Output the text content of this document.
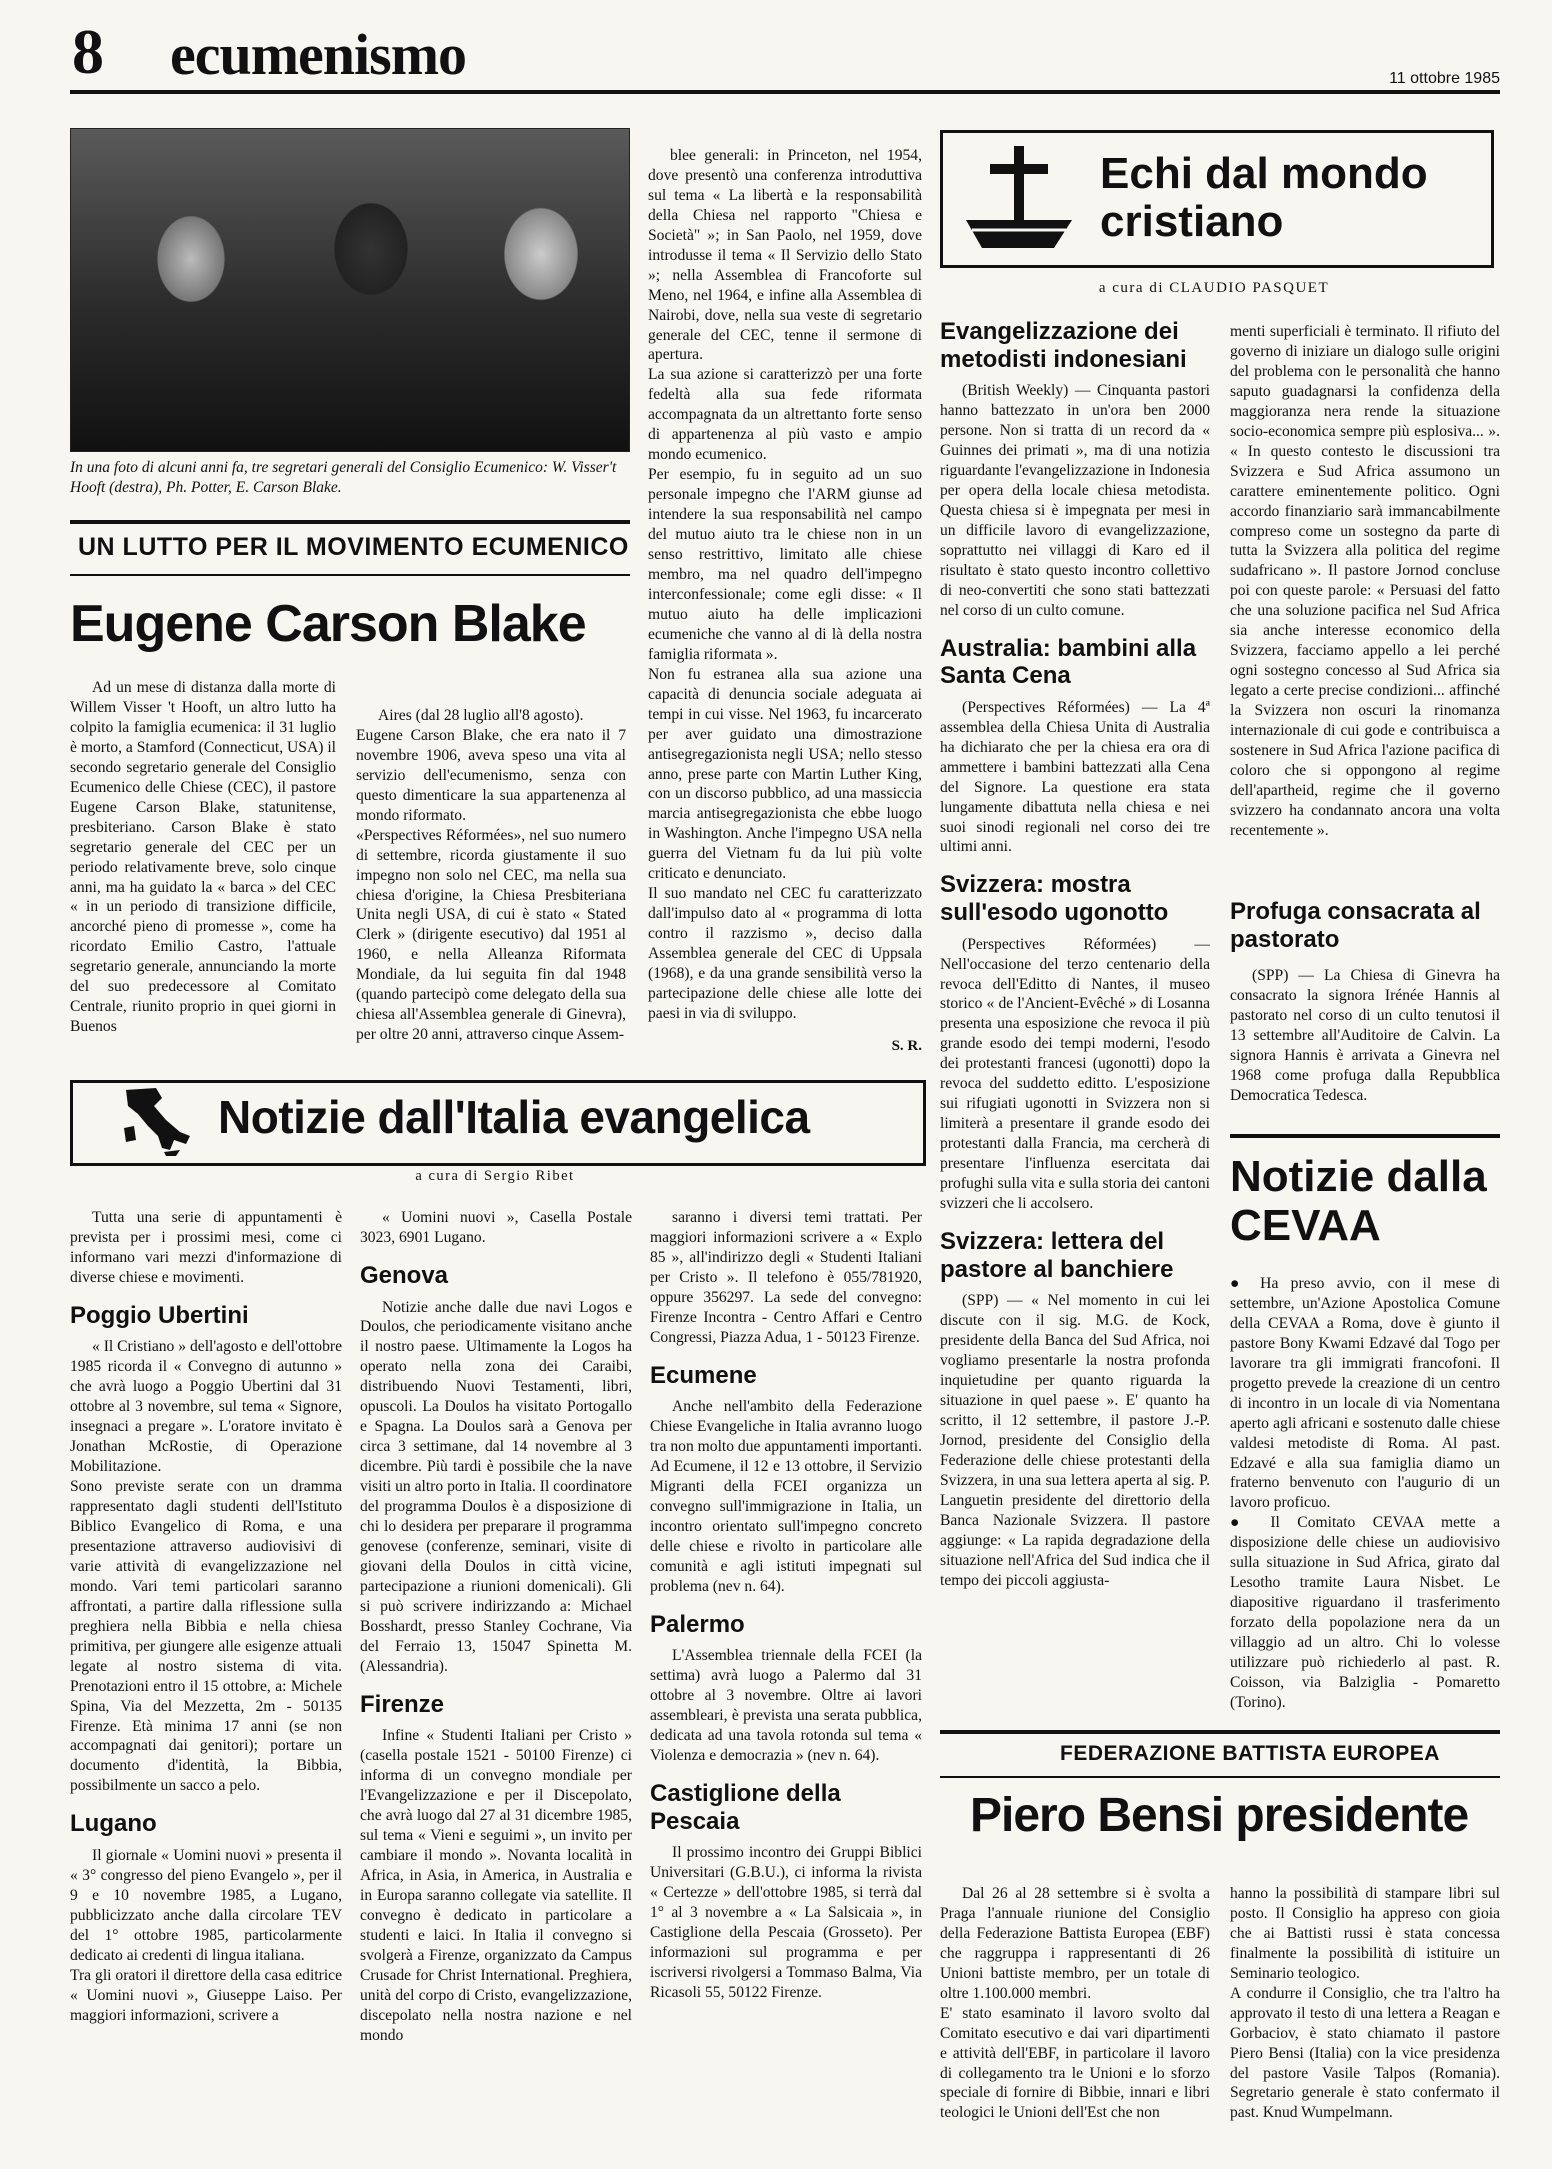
8 ecumenismo	11 ottobre 1985
In una foto di alcuni anni fa, tre segretari generali del Consiglio Ecumenico: W. Visser't Hooft (destra), Ph. Potter, E. Carson Blake.
UN LUTTO PER IL MOVIMENTO ECUMENICO
Eugene Carson Blake

Ad un mese di distanza dalla morte di Willem Visser 't Hooft, un altro lutto ha colpito la famiglia ecumenica: il 31 luglio è morto, a Stamford (Connecticut, USA) il secondo segretario generale del Consiglio Ecumenico delle Chiese (CEC), il pastore Eugene Carson Blake, statunitense, presbiteriano. Carson Blake è stato segretario generale del CEC per un periodo relativamente breve, solo cinque anni, ma ha guidato la « barca » del CEC « in un periodo di transizione difficile, ancorché pieno di promesse », come ha ricordato Emilio Castro, l'attuale segretario generale, annunciando la morte del suo predecessore al Comitato Centrale, riunito proprio in quei giorni in Buenos

Aires (dal 28 luglio all'8 agosto).
Eugene Carson Blake, che era nato il 7 novembre 1906, aveva speso una vita al servizio dell'ecumenismo, senza con questo dimenticare la sua appartenenza al mondo riformato.
«Perspectives Réformées», nel suo numero di settembre, ricorda giustamente il suo impegno non solo nel CEC, ma nella sua chiesa d'origine, la Chiesa Presbiteriana Unita negli USA, di cui è stato « Stated Clerk » (dirigente esecutivo) dal 1951 al 1960, e nella Alleanza Riformata Mondiale, da lui seguita fin dal 1948 (quando partecipò come delegato della sua chiesa all'Assemblea generale di Ginevra), per oltre 20 anni, attraverso cinque Assem-

blee generali: in Princeton, nel 1954, dove presentò una conferenza introduttiva sul tema « La libertà e la responsabilità della Chiesa nel rapporto "Chiesa e Società" »; in San Paolo, nel 1959, dove introdusse il tema « Il Servizio dello Stato »; nella Assemblea di Francoforte sul Meno, nel 1964, e infine alla Assemblea di Nairobi, dove, nella sua veste di segretario generale del CEC, tenne il sermone di apertura.
La sua azione si caratterizzò per una forte fedeltà alla sua fede riformata accompagnata da un altrettanto forte senso di appartenenza al più vasto e ampio mondo ecumenico.
Per esempio, fu in seguito ad un suo personale impegno che l'ARM giunse ad intendere la sua responsabilità nel campo del mutuo aiuto tra le chiese non in un senso restrittivo, limitato alle chiese membro, ma nel quadro dell'impegno interconfessionale; come egli disse: « Il mutuo aiuto ha delle implicazioni ecumeniche che vanno al di là della nostra famiglia riformata ».
Non fu estranea alla sua azione una capacità di denuncia sociale adeguata ai tempi in cui visse. Nel 1963, fu incarcerato per aver guidato una dimostrazione antisegregazionista negli USA; nello stesso anno, prese parte con Martin Luther King, con un discorso pubblico, ad una massiccia marcia antisegregazionista che ebbe luogo in Washington. Anche l'impegno USA nella guerra del Vietnam fu da lui più volte criticato e denunciato.
Il suo mandato nel CEC fu caratterizzato dall'impulso dato al « programma di lotta contro il razzismo », deciso dalla Assemblea generale del CEC di Uppsala (1968), e da una grande sensibilità verso la partecipazione delle chiese alle lotte dei paesi in via di sviluppo.

S. R.
Echi dal mondo
cristiano
a cura di CLAUDIO PASQUET
Evangelizzazione dei metodisti indonesiani

(British Weekly) — Cinquanta pastori hanno battezzato in un'ora ben 2000 persone. Non si tratta di un record da « Guinnes dei primati », ma di una notizia riguardante l'evangelizzazione in Indonesia per opera della locale chiesa metodista. Questa chiesa si è impegnata per mesi in un difficile lavoro di evangelizzazione, soprattutto nei villaggi di Karo ed il risultato è stato questo incontro collettivo di neo-convertiti che sono stati battezzati nel corso di un culto comune.

Australia: bambini alla Santa Cena

(Perspectives Réformées) — La 4ª assemblea della Chiesa Unita di Australia ha dichiarato che per la chiesa era ora di ammettere i bambini battezzati alla Cena del Signore. La questione era stata lungamente dibattuta nella chiesa e nei suoi sinodi regionali nel corso dei tre ultimi anni.

Svizzera: mostra sull'esodo ugonotto

(Perspectives Réformées) — Nell'occasione del terzo centenario della revoca dell'Editto di Nantes, il museo storico « de l'Ancient-Evêché » di Losanna presenta una esposizione che revoca il più grande esodo dei tempi moderni, l'esodo dei protestanti francesi (ugonotti) dopo la revoca del suddetto editto. L'esposizione sui rifugiati ugonotti in Svizzera non si limiterà a presentare il grande esodo dei protestanti dalla Francia, ma cercherà di presentare l'influenza esercitata dai profughi sulla vita e sulla storia dei cantoni svizzeri che li accolsero.

Svizzera: lettera del pastore al banchiere

(SPP) — « Nel momento in cui lei discute con il sig. M.G. de Kock, presidente della Banca del Sud Africa, noi vogliamo presentarle la nostra profonda inquietudine per quanto riguarda la situazione in quel paese ». E' quanto ha scritto, il 12 settembre, il pastore J.-P. Jornod, presidente del Consiglio della Federazione delle chiese protestanti della Svizzera, in una sua lettera aperta al sig. P. Languetin presidente del direttorio della Banca Nazionale Svizzera. Il pastore aggiunge: « La rapida degradazione della situazione nell'Africa del Sud indica che il tempo dei piccoli aggiusta-

menti superficiali è terminato. Il rifiuto del governo di iniziare un dialogo sulle origini del problema con le personalità che hanno saputo guadagnarsi la confidenza della maggioranza nera rende la situazione socio-economica sempre più esplosiva... ». « In questo contesto le discussioni tra Svizzera e Sud Africa assumono un carattere eminentemente politico. Ogni accordo finanziario sarà immancabilmente compreso come un sostegno da parte di tutta la Svizzera alla politica del regime sudafricano ». Il pastore Jornod concluse poi con queste parole: « Persuasi del fatto che una soluzione pacifica nel Sud Africa sia anche interesse economico della Svizzera, facciamo appello a lei perché ogni sostegno concesso al Sud Africa sia legato a certe precise condizioni... affinché la Svizzera non oscuri la rinomanza internazionale di cui gode e contribuisca a sostenere in Sud Africa l'azione pacifica di coloro che si oppongono al regime dell'apartheid, regime che il governo svizzero ha condannato ancora una volta recentemente ».

Profuga consacrata al pastorato

(SPP) — La Chiesa di Ginevra ha consacrato la signora Irénée Hannis al pastorato nel corso di un culto tenutosi il 13 settembre all'Auditoire de Calvin. La signora Hannis è arrivata a Ginevra nel 1968 come profuga dalla Repubblica Democratica Tedesca.

Notizie dalla
CEVAA

● Ha preso avvio, con il mese di settembre, un'Azione Apostolica Comune della CEVAA a Roma, dove è giunto il pastore Bony Kwami Edzavé dal Togo per lavorare tra gli immigrati francofoni. Il progetto prevede la creazione di un centro di incontro in un locale di via Nomentana aperto agli africani e sostenuto dalle chiese valdesi metodiste di Roma. Al past. Edzavé e alla sua famiglia diamo un fraterno benvenuto con l'augurio di un lavoro proficuo.
● Il Comitato CEVAA mette a disposizione delle chiese un audiovisivo sulla situazione in Sud Africa, girato dal Lesotho tramite Laura Nisbet. Le diapositive riguardano il trasferimento forzato della popolazione nera da un villaggio ad un altro. Chi lo volesse utilizzare può richiederlo al past. R. Coisson, via Balziglia - Pomaretto (Torino).

Notizie dall'Italia evangelica
a cura di Sergio Ribet

Tutta una serie di appuntamenti è prevista per i prossimi mesi, come ci informano vari mezzi d'informazione di diverse chiese e movimenti.

Poggio Ubertini

« Il Cristiano » dell'agosto e dell'ottobre 1985 ricorda il « Convegno di autunno » che avrà luogo a Poggio Ubertini dal 31 ottobre al 3 novembre, sul tema « Signore, insegnaci a pregare ». L'oratore invitato è Jonathan McRostie, di Operazione Mobilitazione.
Sono previste serate con un dramma rappresentato dagli studenti dell'Istituto Biblico Evangelico di Roma, e una presentazione attraverso audiovisivi di varie attività di evangelizzazione nel mondo. Vari temi particolari saranno affrontati, a partire dalla riflessione sulla preghiera nella Bibbia e nella chiesa primitiva, per giungere alle esigenze attuali legate al nostro sistema di vita. Prenotazioni entro il 15 ottobre, a: Michele Spina, Via del Mezzetta, 2m - 50135 Firenze. Età minima 17 anni (se non accompagnati dai genitori); portare un documento d'identità, la Bibbia, possibilmente un sacco a pelo.

Lugano

Il giornale « Uomini nuovi » presenta il « 3° congresso del pieno Evangelo », per il 9 e 10 novembre 1985, a Lugano, pubblicizzato anche dalla circolare TEV del 1° ottobre 1985, particolarmente dedicato ai credenti di lingua italiana.
Tra gli oratori il direttore della casa editrice « Uomini nuovi », Giuseppe Laiso. Per maggiori informazioni, scrivere a

« Uomini nuovi », Casella Postale 3023, 6901 Lugano.

Genova

Notizie anche dalle due navi Logos e Doulos, che periodicamente visitano anche il nostro paese. Ultimamente la Logos ha operato nella zona dei Caraibi, distribuendo Nuovi Testamenti, libri, opuscoli. La Doulos ha visitato Portogallo e Spagna. La Doulos sarà a Genova per circa 3 settimane, dal 14 novembre al 3 dicembre. Più tardi è possibile che la nave visiti un altro porto in Italia. Il coordinatore del programma Doulos è a disposizione di chi lo desidera per preparare il programma genovese (conferenze, seminari, visite di giovani della Doulos in città vicine, partecipazione a riunioni domenicali). Gli si può scrivere indirizzando a: Michael Bosshardt, presso Stanley Cochrane, Via del Ferraio 13, 15047 Spinetta M. (Alessandria).

Firenze

Infine « Studenti Italiani per Cristo » (casella postale 1521 - 50100 Firenze) ci informa di un convegno mondiale per l'Evangelizzazione e per il Discepolato, che avrà luogo dal 27 al 31 dicembre 1985, sul tema « Vieni e seguimi », un invito per cambiare il mondo ». Novanta località in Africa, in Asia, in America, in Australia e in Europa saranno collegate via satellite. Il convegno è dedicato in particolare a studenti e laici. In Italia il convegno si svolgerà a Firenze, organizzato da Campus Crusade for Christ International. Preghiera, unità del corpo di Cristo, evangelizzazione, discepolato nella nostra nazione e nel mondo

saranno i diversi temi trattati. Per maggiori informazioni scrivere a « Explo 85 », all'indirizzo degli « Studenti Italiani per Cristo ». Il telefono è 055/781920, oppure 356297. La sede del convegno: Firenze Incontra - Centro Affari e Centro Congressi, Piazza Adua, 1 - 50123 Firenze.

Ecumene

Anche nell'ambito della Federazione Chiese Evangeliche in Italia avranno luogo tra non molto due appuntamenti importanti. Ad Ecumene, il 12 e 13 ottobre, il Servizio Migranti della FCEI organizza un convegno sull'immigrazione in Italia, un incontro orientato sull'impegno concreto delle chiese e rivolto in particolare alle comunità e agli istituti impegnati sul problema (nev n. 64).

Palermo

L'Assemblea triennale della FCEI (la settima) avrà luogo a Palermo dal 31 ottobre al 3 novembre. Oltre ai lavori assembleari, è prevista una serata pubblica, dedicata ad una tavola rotonda sul tema « Violenza e democrazia » (nev n. 64).

Castiglione della Pescaia

Il prossimo incontro dei Gruppi Biblici Universitari (G.B.U.), ci informa la rivista « Certezze » dell'ottobre 1985, si terrà dal 1° al 3 novembre a « La Salsicaia », in Castiglione della Pescaia (Grosseto). Per informazioni sul programma e per iscriversi rivolgersi a Tommaso Balma, Via Ricasoli 55, 50122 Firenze.

FEDERAZIONE BATTISTA EUROPEA
Piero Bensi presidente

Dal 26 al 28 settembre si è svolta a Praga l'annuale riunione del Consiglio della Federazione Battista Europea (EBF) che raggruppa i rappresentanti di 26 Unioni battiste membro, per un totale di oltre 1.100.000 membri.
E' stato esaminato il lavoro svolto dal Comitato esecutivo e dai vari dipartimenti e attività dell'EBF, in particolare il lavoro di collegamento tra le Unioni e lo sforzo speciale di fornire di Bibbie, innari e libri teologici le Unioni dell'Est che non

hanno la possibilità di stampare libri sul posto. Il Consiglio ha appreso con gioia che ai Battisti russi è stata concessa finalmente la possibilità di istituire un Seminario teologico.
A condurre il Consiglio, che tra l'altro ha approvato il testo di una lettera a Reagan e Gorbaciov, è stato chiamato il pastore Piero Bensi (Italia) con la vice presidenza del pastore Vasile Talpos (Romania). Segretario generale è stato confermato il past. Knud Wumpelmann.
